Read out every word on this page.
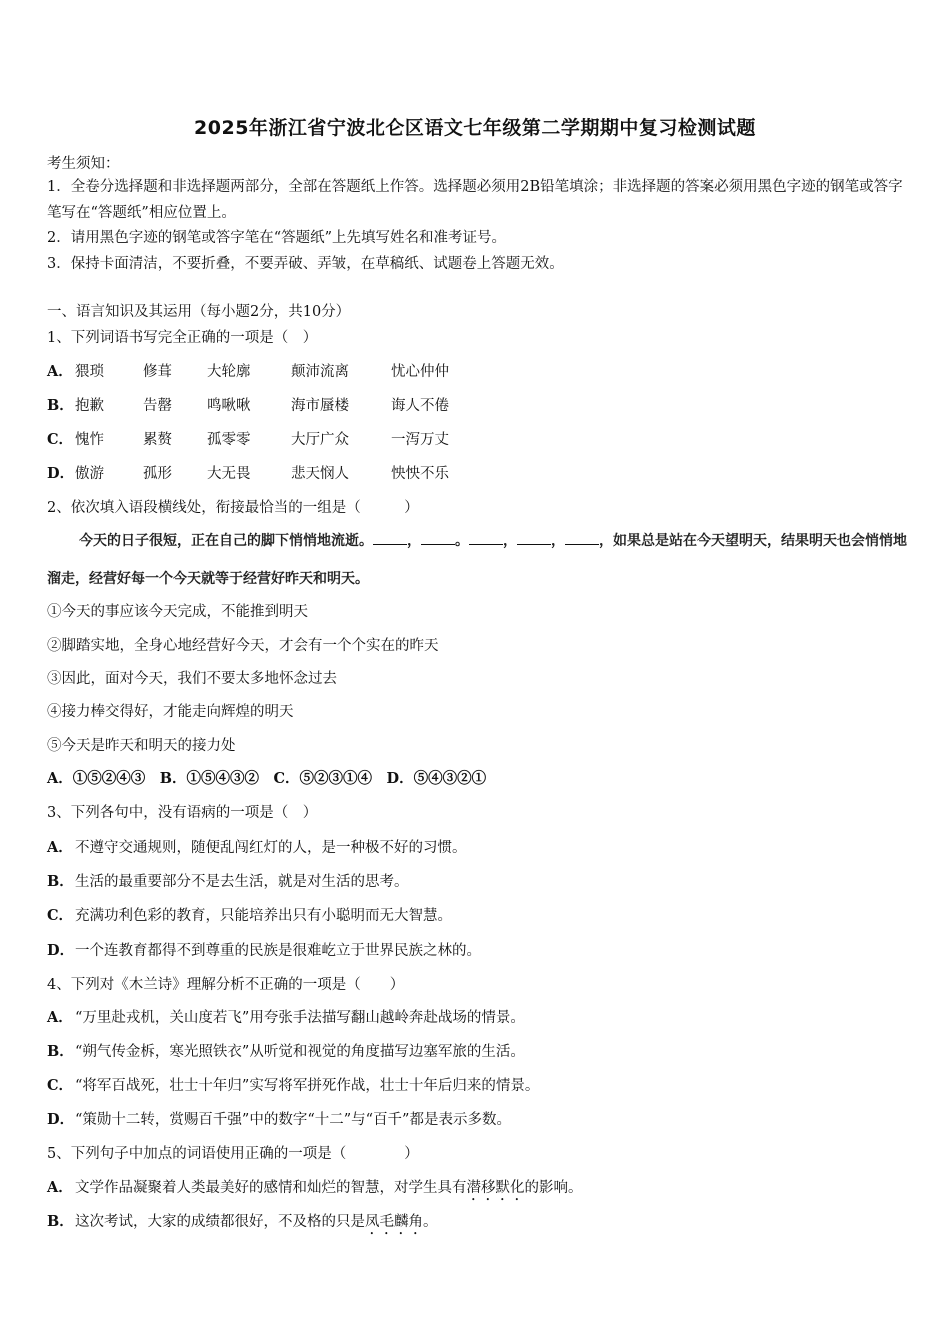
2025年浙江省宁波北仑区语文七年级第二学期期中复习检测试题
考生须知：
1．全卷分选择题和非选择题两部分，全部在答题纸上作答。选择题必须用2B铅笔填涂；非选择题的答案必须用黑色字迹的钢笔或答字笔写在“答题纸”相应位置上。
2．请用黑色字迹的钢笔或答字笔在“答题纸”上先填写姓名和准考证号。
3．保持卡面清洁，不要折叠，不要弄破、弄皱，在草稿纸、试题卷上答题无效。
一、语言知识及其运用（每小题2分，共10分）
1、下列词语书写完全正确的一项是（　）
A． 猥琐	修葺 大轮廓	颠沛流离	忧心仲仲
B．抱歉	告罄 鸣啾啾	海市蜃楼	诲人不倦
C． 愧怍	累赘 孤零零	大厅广众	一泻万丈
D．傲游	孤形 大无畏	悲天悯人	怏怏不乐
2、依次填入语段横线处，衔接最恰当的一组是（　　　）
今天的日子很短，正在自己的脚下悄悄地流逝。 ， 。 ， ， ，如果总是站在今天望明天，结果明天也会悄悄地溜走，经营好每一个今天就等于经营好昨天和明天。
①今天的事应该今天完成，不能推到明天
②脚踏实地，全身心地经营好今天，才会有一个个实在的昨天
③因此，面对今天，我们不要太多地怀念过去
④接力棒交得好，才能走向辉煌的明天
⑤今天是昨天和明天的接力处
A．①⑤②④③　B．①⑤④③②　C．⑤②③①④　D．⑤④③②①
3、下列各句中，没有语病的一项是（　）
A． 不遵守交通规则，随便乱闯红灯的人，是一种极不好的习惯。
B．生活的最重要部分不是去生活，就是对生活的思考。
C． 充满功利色彩的教育，只能培养出只有小聪明而无大智慧。
D．一个连教育都得不到尊重的民族是很难屹立于世界民族之林的。
4、下列对《木兰诗》理解分析不正确的一项是（　　）
A． “万里赴戎机，关山度若飞”用夸张手法描写翻山越岭奔赴战场的情景。
B．“朔气传金柝，寒光照铁衣”从听觉和视觉的角度描写边塞军旅的生活。
C． “将军百战死，壮士十年归”实写将军拼死作战，壮士十年后归来的情景。
D．“策勋十二转，赏赐百千强”中的数字“十二”与“百千”都是表示多数。
5、下列句子中加点的词语使用正确的一项是（　　　　）
A． 文学作品凝聚着人类最美好的感情和灿烂的智慧，对学生具有潜移默化的影响。
B．这次考试，大家的成绩都很好，不及格的只是凤毛麟角。
